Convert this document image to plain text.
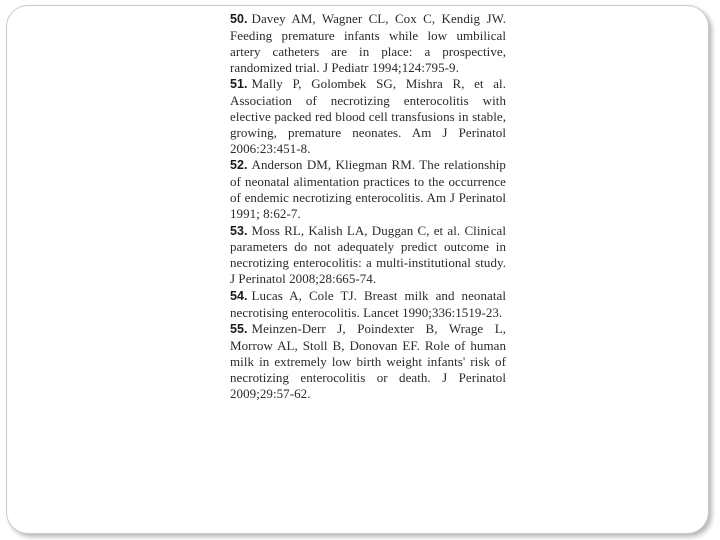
50. Davey AM, Wagner CL, Cox C, Kendig JW. Feeding premature infants while low umbilical artery catheters are in place: a prospective, randomized trial. J Pediatr 1994;124:795-9.

51. Mally P, Golombek SG, Mishra R, et al. Association of necrotizing enterocolitis with elective packed red blood cell transfusions in stable, growing, premature neonates. Am J Perinatol 2006:23:451-8.

52. Anderson DM, Kliegman RM. The relationship of neonatal alimentation practices to the occurrence of endemic necrotizing enterocolitis. Am J Perinatol 1991; 8:62-7.

53. Moss RL, Kalish LA, Duggan C, et al. Clinical parameters do not adequately predict outcome in necrotizing enterocolitis: a multi-institutional study. J Perinatol 2008;28:665-74.

54. Lucas A, Cole TJ. Breast milk and neonatal necrotising enterocolitis. Lancet 1990;336:1519-23.

55. Meinzen-Derr J, Poindexter B, Wrage L, Morrow AL, Stoll B, Donovan EF. Role of human milk in extremely low birth weight infants' risk of necrotizing enterocolitis or death. J Perinatol 2009;29:57-62.
